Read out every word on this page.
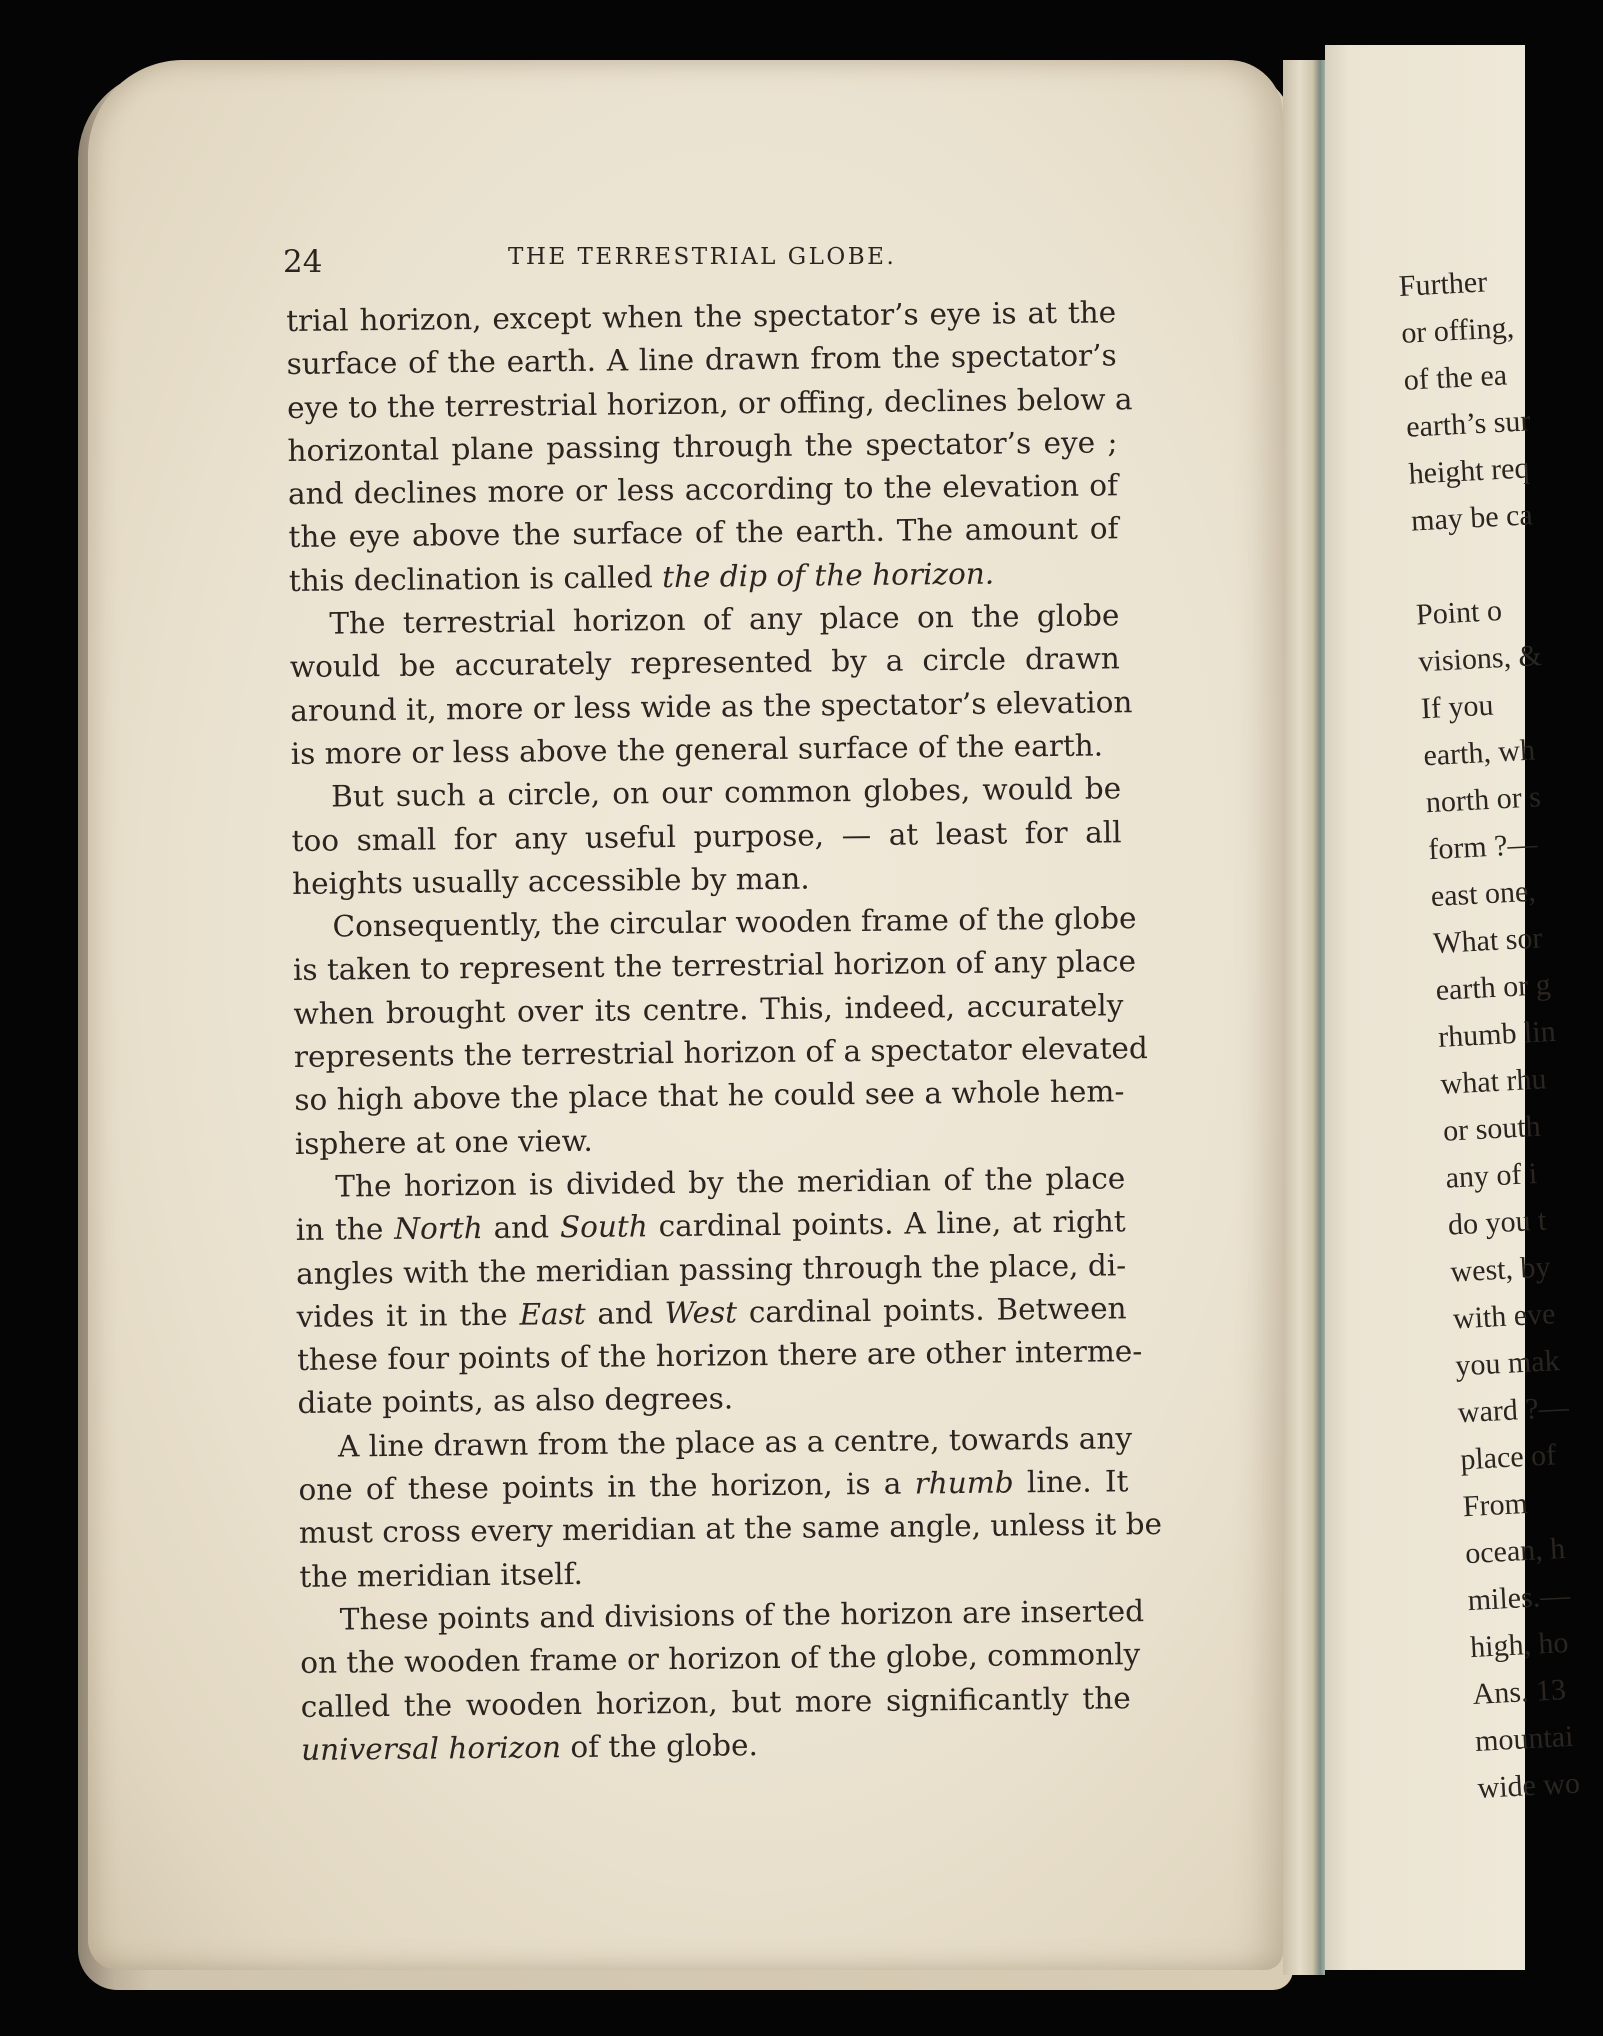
24	THE TERRESTRIAL GLOBE.
trial horizon, except when the spectator’s eye is at the
surface of the earth. A line drawn from the spectator’s
eye to the terrestrial horizon, or offing, declines below a
horizontal plane passing through the spectator’s eye ;
and declines more or less according to the elevation of
the eye above the surface of the earth. The amount of
this declination is called the dip of the horizon.
The terrestrial horizon of any place on the globe
would be accurately represented by a circle drawn
around it, more or less wide as the spectator’s elevation
is more or less above the general surface of the earth.
But such a circle, on our common globes, would be
too small for any useful purpose, — at least for all
heights usually accessible by man.
Consequently, the circular wooden frame of the globe
is taken to represent the terrestrial horizon of any place
when brought over its centre. This, indeed, accurately
represents the terrestrial horizon of a spectator elevated
so high above the place that he could see a whole hem-
isphere at one view.
The horizon is divided by the meridian of the place
in the North and South cardinal points. A line, at right
angles with the meridian passing through the place, di-
vides it in the East and West cardinal points. Between
these four points of the horizon there are other interme-
diate points, as also degrees.
A line drawn from the place as a centre, towards any
one of these points in the horizon, is a rhumb line. It
must cross every meridian at the same angle, unless it be
the meridian itself.
These points and divisions of the horizon are inserted
on the wooden frame or horizon of the globe, commonly
called the wooden horizon, but more significantly the
universal horizon of the globe.
Further
or offing,
of the ea
earth’s sur
height req
may be ca
Point o
visions, &
If you
earth, wh
north or s
form ?—
east one,
What sor
earth or g
rhumb lin
what rhu
or south
any of i
do you t
west, by
with eve
you mak
ward ?—
place of
From
ocean, h
miles.—
high, ho
Ans. 13
mountai
wide wo
